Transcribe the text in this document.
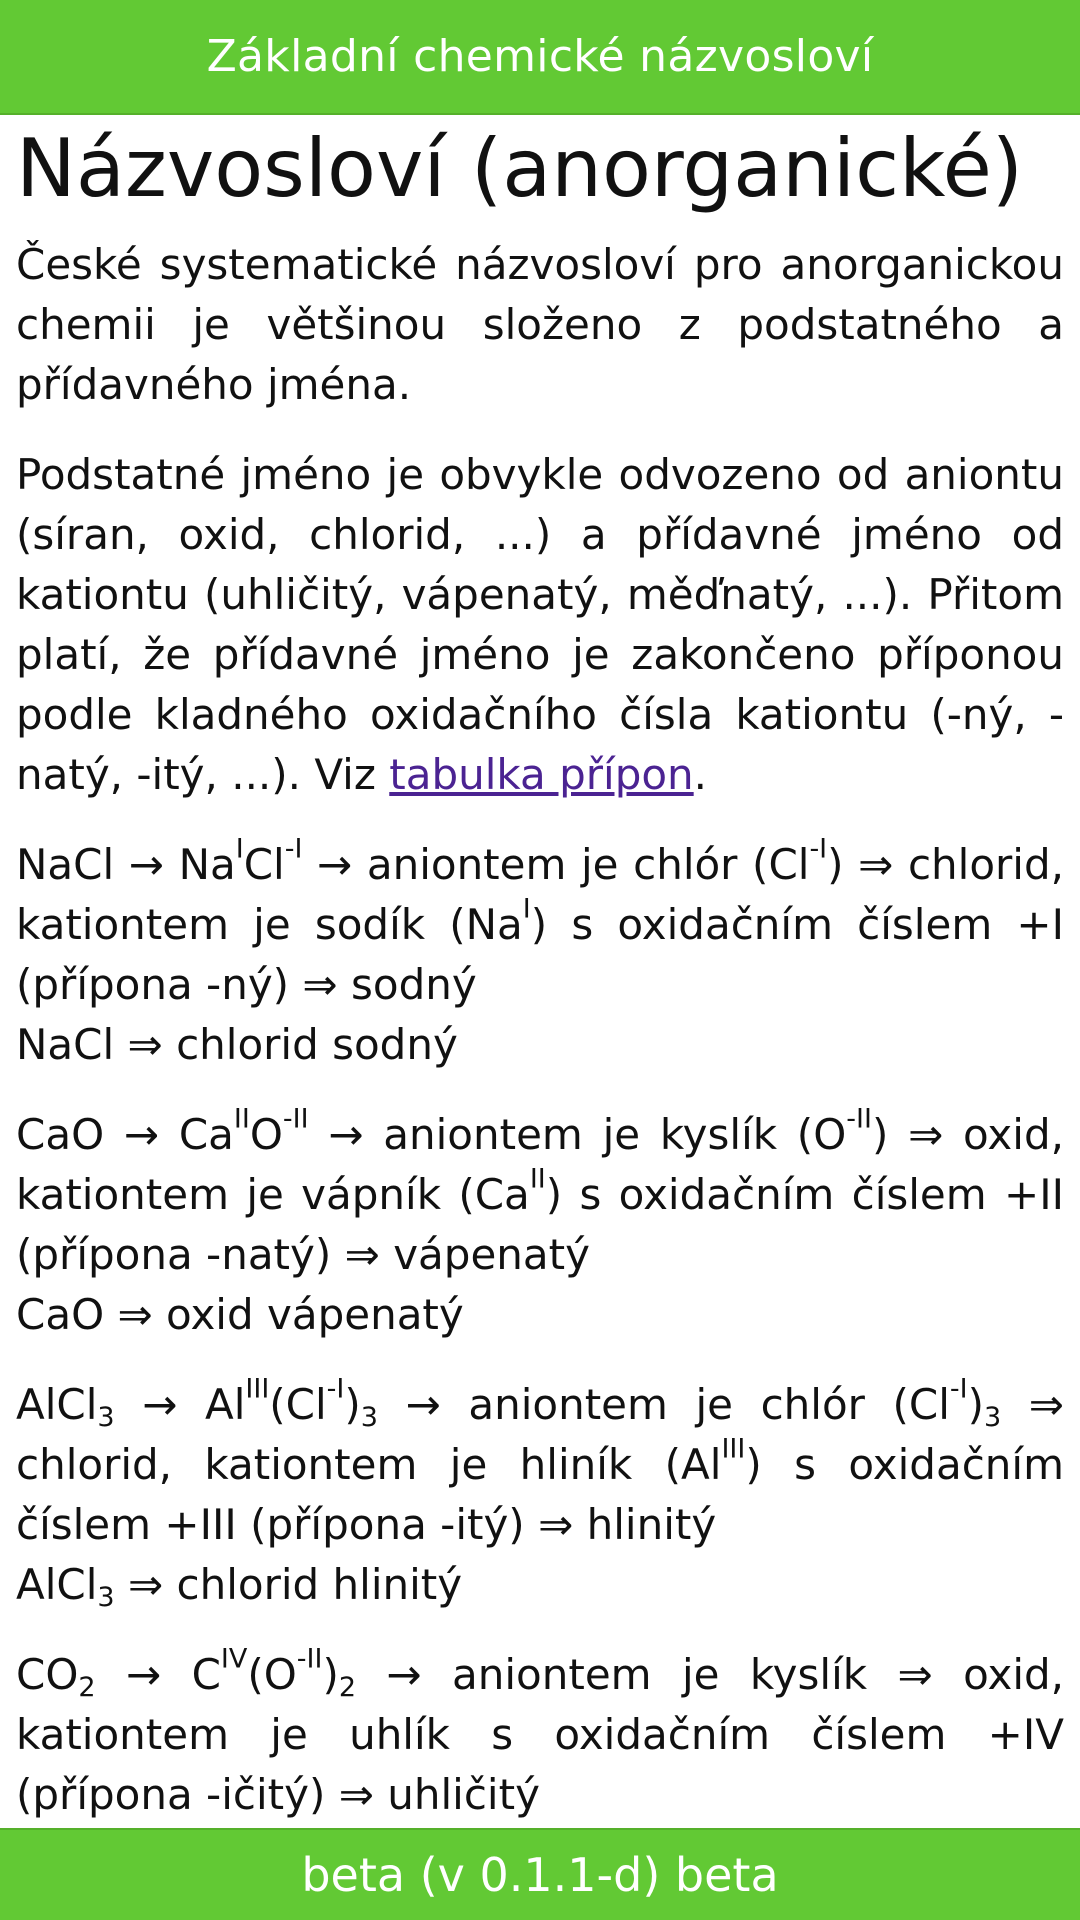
Základní chemické názvosloví
Názvosloví (anorganické)

České systematické názvosloví pro anorganickou chemii je většinou složeno z podstatného a přídavného jména.

Podstatné jméno je obvykle odvozeno od aniontu (síran, oxid, chlorid, ...) a přídavné jméno od kationtu (uhličitý, vápenatý, měďnatý, ...). Přitom platí, že přídavné jméno je zakončeno příponou podle kladného oxidačního čísla kationtu (-ný, -natý, -itý, ...). Viz tabulka přípon.

NaCl → $Na^ICl^{-I}$ → aniontem je chlór $(Cl^{-I})$ ⇒ chlorid, kationtem je sodík $(Na^I)$ s oxidačním číslem +I (přípona -ný) ⇒ sodný
NaCl ⇒ chlorid sodný

CaO → $Ca^{II}O^{-II}$ → aniontem je kyslík $(O^{-II})$ ⇒ oxid, kationtem je vápník $(Ca^{II})$ s oxidačním číslem +II (přípona -natý) ⇒ vápenatý
CaO ⇒ oxid vápenatý

AlCl$_3$ → $Al^{III}(Cl^{-I})_3$ → aniontem je chlór $(Cl^{-I})_3$ ⇒ chlorid, kationtem je hliník $(Al^{III})$ s oxidačním číslem +III (přípona -itý) ⇒ hlinitý
AlCl$_3$ ⇒ chlorid hlinitý

$CO_2 \to C^{IV}(O^{-II})_2$ → aniontem je kyslík ⇒ oxid, kationtem je uhlík s oxidačním číslem +IV (přípona -ičitý) ⇒ uhličitý

beta (v 0.1.1-d) beta
